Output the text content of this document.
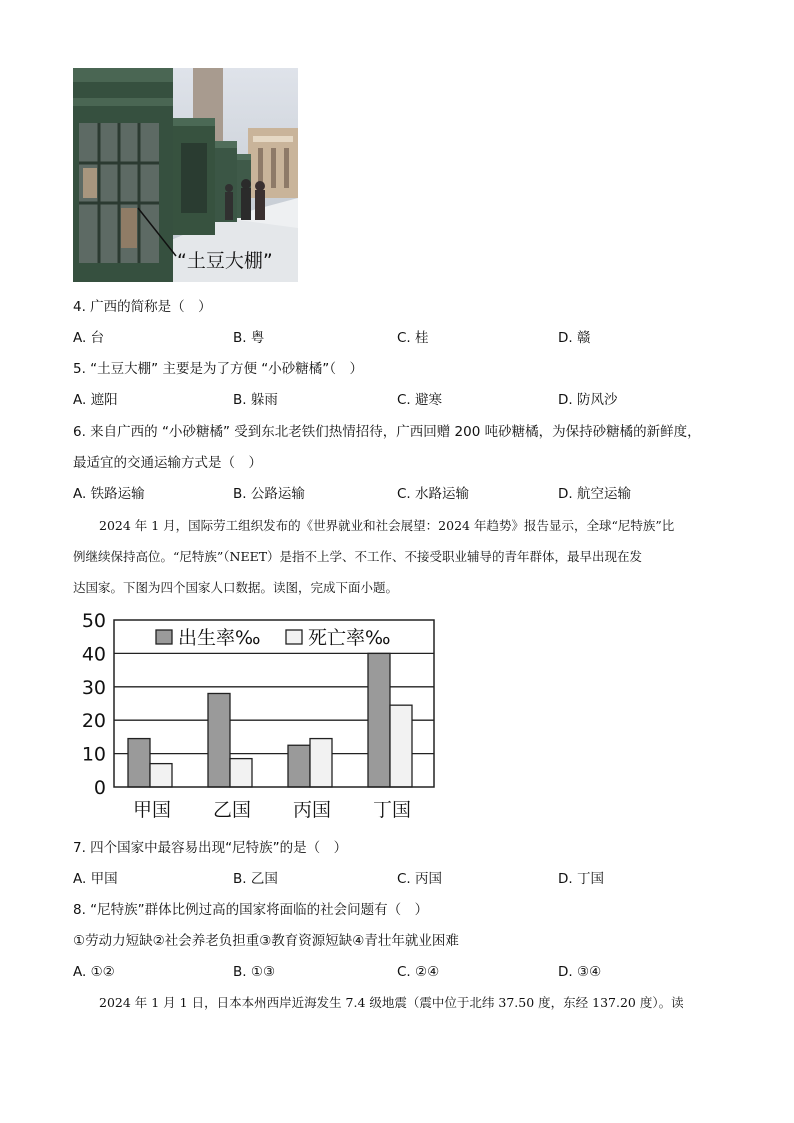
“土豆大棚”
4. 广西的简称是（　）
A. 台	B. 粤	C. 桂	D. 赣
5. “土豆大棚” 主要是为了方便 “小砂糖橘”（　）
A. 遮阳	B. 躲雨	C. 避寒	D. 防风沙
6. 来自广西的 “小砂糖橘” 受到东北老铁们热情招待，广西回赠 200 吨砂糖橘，为保持砂糖橘的新鲜度，
最适宜的交通运输方式是（　）
A. 铁路运输	B. 公路运输	C. 水路运输	D. 航空运输
2024 年 1 月，国际劳工组织发布的《世界就业和社会展望：2024 年趋势》报告显示，全球“尼特族”比
例继续保持高位。“尼特族”（NEET）是指不上学、不工作、不接受职业辅导的青年群体，最早出现在发
达国家。下图为四个国家人口数据。读图，完成下面小题。
0
10
20
30
40
50
甲国 乙国 丙国 丁国
出生率‰	死亡率‰
7. 四个国家中最容易出现“尼特族”的是（　）
A. 甲国	B. 乙国	C. 丙国	D. 丁国
8. “尼特族”群体比例过高的国家将面临的社会问题有（　）
①劳动力短缺②社会养老负担重③教育资源短缺④青壮年就业困难
A. ①②	B. ①③	C. ②④	D. ③④
2024 年 1 月 1 日，日本本州西岸近海发生 7.4 级地震（震中位于北纬 37.50 度，东经 137.20 度）。读
